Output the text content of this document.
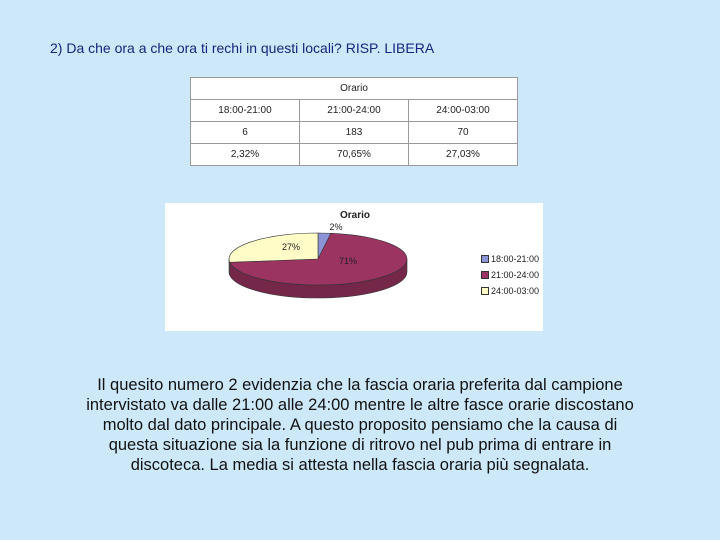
2) Da che ora a che ora ti rechi in questi locali? RISP. LIBERA
Orario		
18:00-21:00	21:00-24:00	24:00-03:00
6	183	70
2,32%	70,65%	27,03%
Orario
2%
71%
27%
18:00-21:00
21:00-24:00
24:00-03:00
Il quesito numero 2 evidenzia che la fascia oraria preferita dal campione intervistato va dalle 21:00 alle 24:00 mentre le altre fasce orarie discostano molto dal dato principale. A questo proposito pensiamo che la causa di questa situazione sia la funzione di ritrovo nel pub prima di entrare in discoteca. La media si attesta nella fascia oraria più segnalata.
